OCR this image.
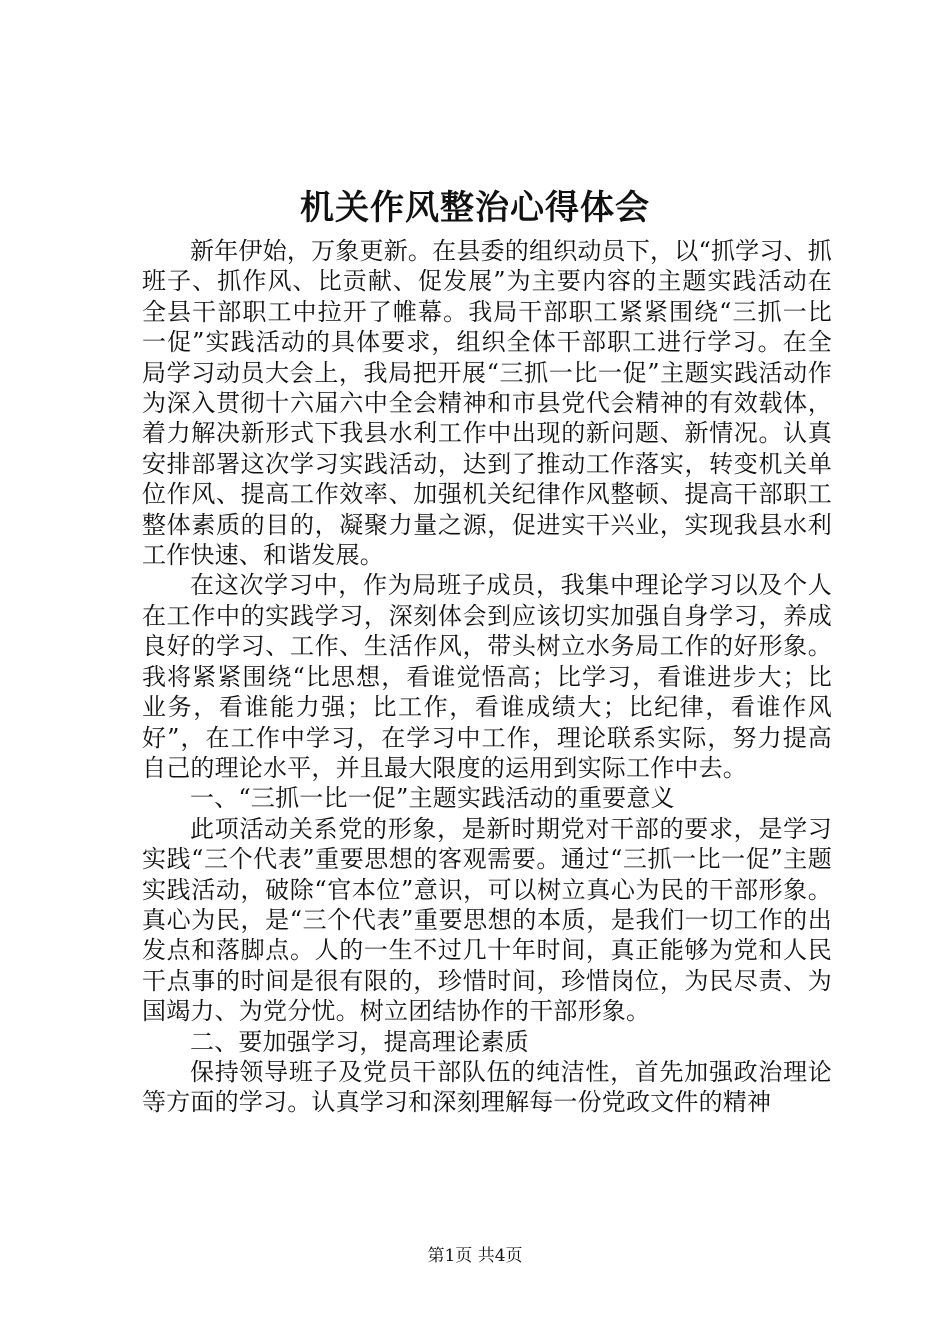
机关作风整治心得体会

新年伊始，万象更新。在县委的组织动员下，以“抓学习、抓班子、抓作风、比贡献、促发展”为主要内容的主题实践活动在全县干部职工中拉开了帷幕。我局干部职工紧紧围绕“三抓一比一促”实践活动的具体要求，组织全体干部职工进行学习。在全局学习动员大会上，我局把开展“三抓一比一促”主题实践活动作为深入贯彻十六届六中全会精神和市县党代会精神的有效载体，着力解决新形式下我县水利工作中出现的新问题、新情况。认真安排部署这次学习实践活动，达到了推动工作落实，转变机关单位作风、提高工作效率、加强机关纪律作风整顿、提高干部职工整体素质的目的，凝聚力量之源，促进实干兴业，实现我县水利工作快速、和谐发展。

在这次学习中，作为局班子成员，我集中理论学习以及个人在工作中的实践学习，深刻体会到应该切实加强自身学习，养成良好的学习、工作、生活作风，带头树立水务局工作的好形象。我将紧紧围绕“比思想，看谁觉悟高；比学习，看谁进步大；比业务，看谁能力强；比工作，看谁成绩大；比纪律，看谁作风好”，在工作中学习，在学习中工作，理论联系实际，努力提高自己的理论水平，并且最大限度的运用到实际工作中去。

一、“三抓一比一促”主题实践活动的重要意义

此项活动关系党的形象，是新时期党对干部的要求，是学习实践“三个代表”重要思想的客观需要。通过“三抓一比一促”主题实践活动，破除“官本位”意识，可以树立真心为民的干部形象。真心为民，是“三个代表”重要思想的本质，是我们一切工作的出发点和落脚点。人的一生不过几十年时间，真正能够为党和人民干点事的时间是很有限的，珍惜时间，珍惜岗位，为民尽责、为国竭力、为党分忧。树立团结协作的干部形象。

二、要加强学习，提高理论素质

保持领导班子及党员干部队伍的纯洁性，首先加强政治理论等方面的学习。认真学习和深刻理解每一份党政文件的精神

第1页 共4页
